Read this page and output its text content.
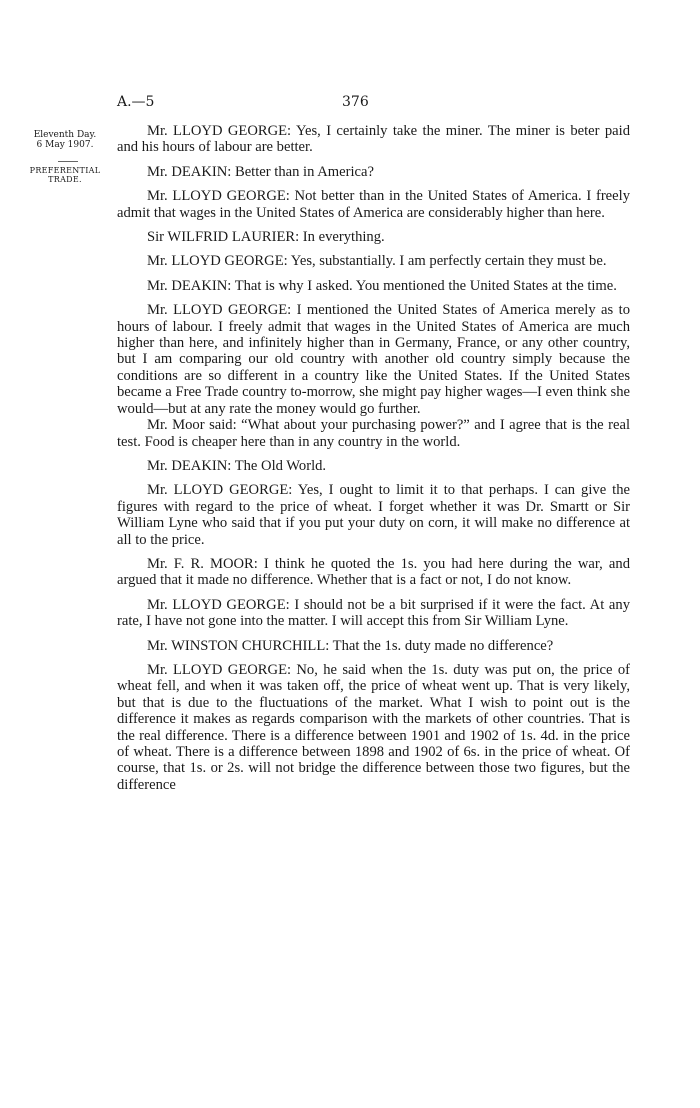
A.—5	376
Eleventh Day.
6 May 1907.
PREFERENTIAL
TRADE.

Mr. LLOYD GEORGE: Yes, I certainly take the miner. The miner is beter paid and his hours of labour are better.

Mr. DEAKIN: Better than in America?

Mr. LLOYD GEORGE: Not better than in the United States of America. I freely admit that wages in the United States of America are considerably higher than here.

Sir WILFRID LAURIER: In everything.

Mr. LLOYD GEORGE: Yes, substantially. I am perfectly certain they must be.

Mr. DEAKIN: That is why I asked. You mentioned the United States at the time.

Mr. LLOYD GEORGE: I mentioned the United States of America merely as to hours of labour. I freely admit that wages in the United States of America are much higher than here, and infinitely higher than in Germany, France, or any other country, but I am comparing our old country with another old country simply because the conditions are so different in a country like the United States. If the United States became a Free Trade country to-morrow, she might pay higher wages—I even think she would—but at any rate the money would go further.

Mr. Moor said: “What about your purchasing power?” and I agree that is the real test. Food is cheaper here than in any country in the world.

Mr. DEAKIN: The Old World.

Mr. LLOYD GEORGE: Yes, I ought to limit it to that perhaps. I can give the figures with regard to the price of wheat. I forget whether it was Dr. Smartt or Sir William Lyne who said that if you put your duty on corn, it will make no difference at all to the price.

Mr. F. R. MOOR: I think he quoted the 1s. you had here during the war, and argued that it made no difference. Whether that is a fact or not, I do not know.

Mr. LLOYD GEORGE: I should not be a bit surprised if it were the fact. At any rate, I have not gone into the matter. I will accept this from Sir William Lyne.

Mr. WINSTON CHURCHILL: That the 1s. duty made no difference?

Mr. LLOYD GEORGE: No, he said when the 1s. duty was put on, the price of wheat fell, and when it was taken off, the price of wheat went up. That is very likely, but that is due to the fluctuations of the market. What I wish to point out is the difference it makes as regards comparison with the markets of other countries. That is the real difference. There is a difference between 1901 and 1902 of 1s. 4d. in the price of wheat. There is a difference between 1898 and 1902 of 6s. in the price of wheat. Of course, that 1s. or 2s. will not bridge the difference between those two figures, but the difference
